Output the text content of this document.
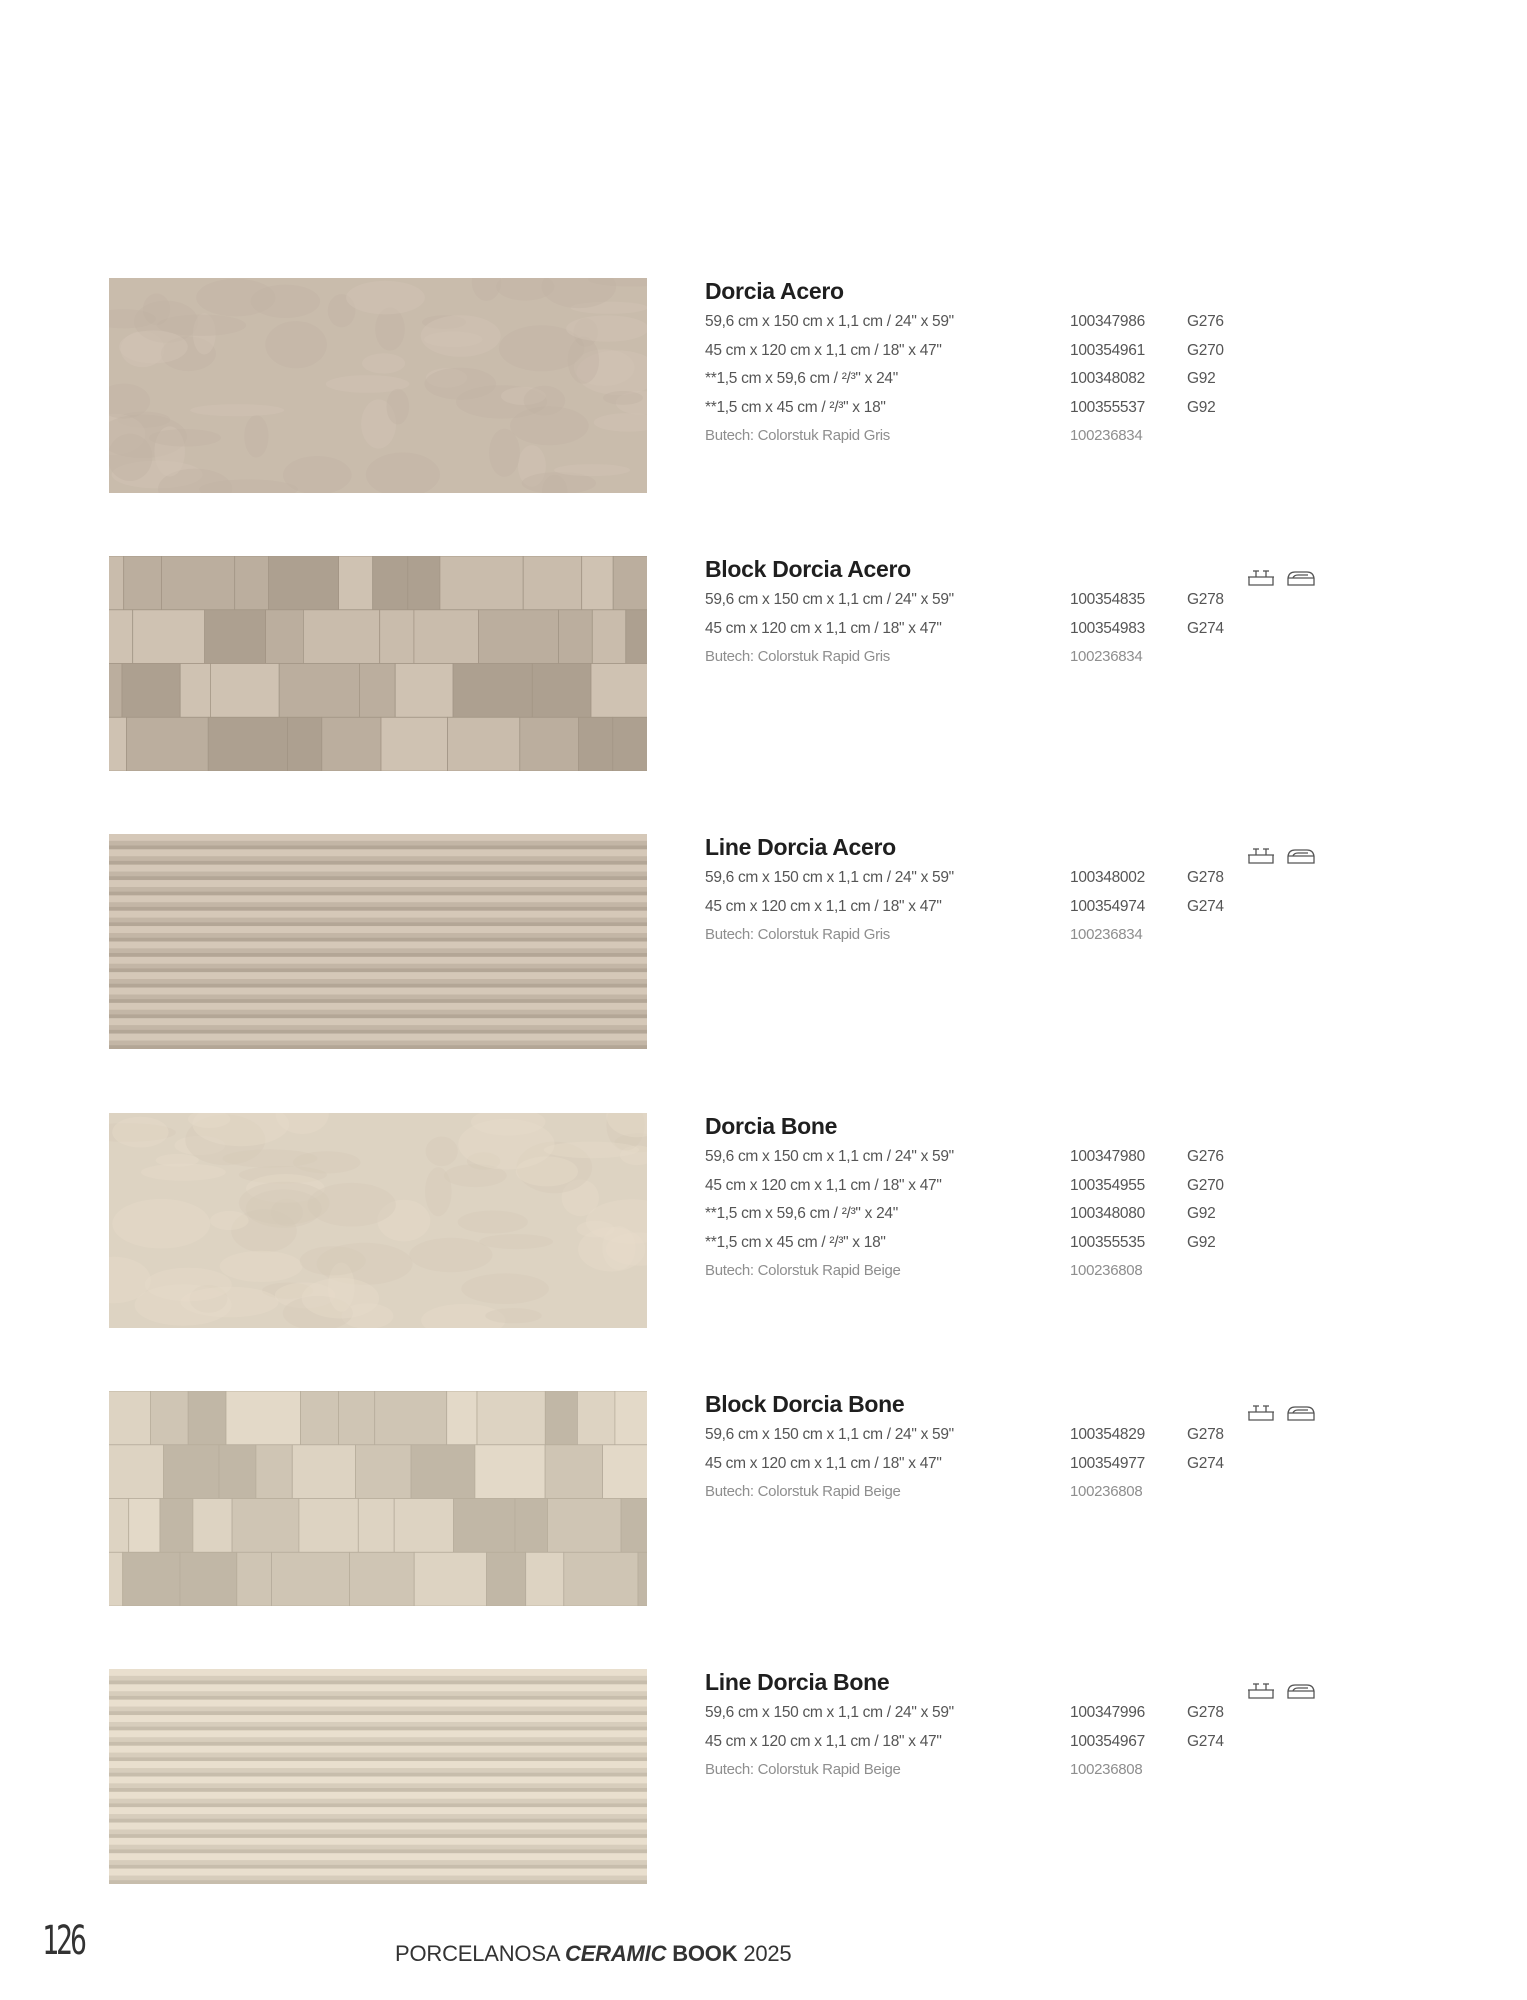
Dorcia Acero
59,6 cm x 150 cm x 1,1 cm / 24" x 59"	100347986	G276
45 cm x 120 cm x 1,1 cm / 18" x 47"	100354961	G270
**1,5 cm x 59,6 cm / ²/³" x 24"	100348082	G92
**1,5 cm x 45 cm / ²/³" x 18"	100355537	G92
Butech: Colorstuk Rapid Gris	100236834
Block Dorcia Acero
59,6 cm x 150 cm x 1,1 cm / 24" x 59"	100354835	G278
45 cm x 120 cm x 1,1 cm / 18" x 47"	100354983	G274
Butech: Colorstuk Rapid Gris	100236834
Line Dorcia Acero
59,6 cm x 150 cm x 1,1 cm / 24" x 59"	100348002	G278
45 cm x 120 cm x 1,1 cm / 18" x 47"	100354974	G274
Butech: Colorstuk Rapid Gris	100236834
Dorcia Bone
59,6 cm x 150 cm x 1,1 cm / 24" x 59"	100347980	G276
45 cm x 120 cm x 1,1 cm / 18" x 47"	100354955	G270
**1,5 cm x 59,6 cm / ²/³" x 24"	100348080	G92
**1,5 cm x 45 cm / ²/³" x 18"	100355535	G92
Butech: Colorstuk Rapid Beige	100236808
Block Dorcia Bone
59,6 cm x 150 cm x 1,1 cm / 24" x 59"	100354829	G278
45 cm x 120 cm x 1,1 cm / 18" x 47"	100354977	G274
Butech: Colorstuk Rapid Beige	100236808
Line Dorcia Bone
59,6 cm x 150 cm x 1,1 cm / 24" x 59"	100347996	G278
45 cm x 120 cm x 1,1 cm / 18" x 47"	100354967	G274
Butech: Colorstuk Rapid Beige	100236808
126	PORCELANOSA CERAMIC BOOK 2025
